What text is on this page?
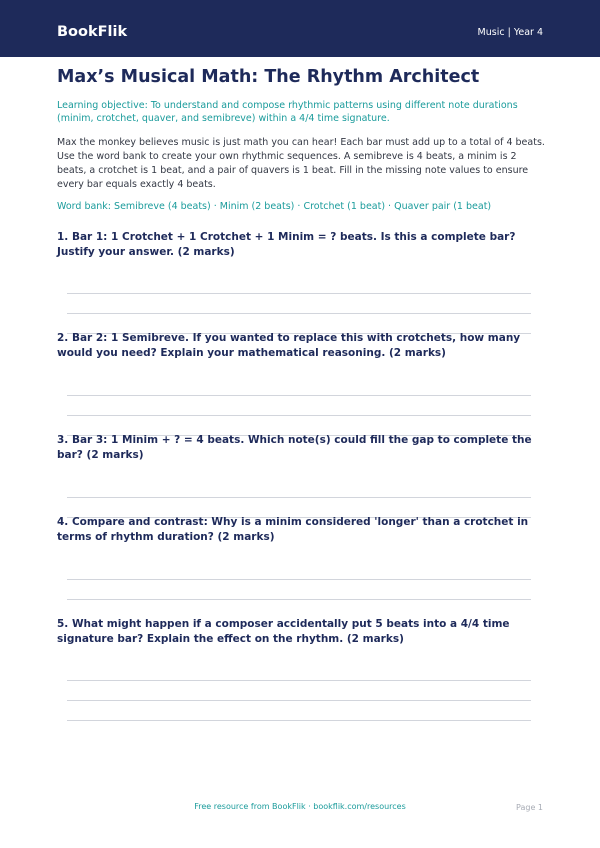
BookFlik	Music | Year 4
Max’s Musical Math: The Rhythm Architect
Learning objective: To understand and compose rhythmic patterns using different note durations (minim, crotchet, quaver, and semibreve) within a 4/4 time signature.
Max the monkey believes music is just math you can hear! Each bar must add up to a total of 4 beats. Use the word bank to create your own rhythmic sequences. A semibreve is 4 beats, a minim is 2 beats, a crotchet is 1 beat, and a pair of quavers is 1 beat. Fill in the missing note values to ensure every bar equals exactly 4 beats.
Word bank: Semibreve (4 beats) · Minim (2 beats) · Crotchet (1 beat) · Quaver pair (1 beat)
1. Bar 1: 1 Crotchet + 1 Crotchet + 1 Minim = ? beats. Is this a complete bar? Justify your answer. (2 marks)
2. Bar 2: 1 Semibreve. If you wanted to replace this with crotchets, how many would you need? Explain your mathematical reasoning. (2 marks)
3. Bar 3: 1 Minim + ? = 4 beats. Which note(s) could fill the gap to complete the bar? (2 marks)
4. Compare and contrast: Why is a minim considered 'longer' than a crotchet in terms of rhythm duration? (2 marks)
5. What might happen if a composer accidentally put 5 beats into a 4/4 time signature bar? Explain the effect on the rhythm. (2 marks)
Free resource from BookFlik · bookflik.com/resources	Page 1
